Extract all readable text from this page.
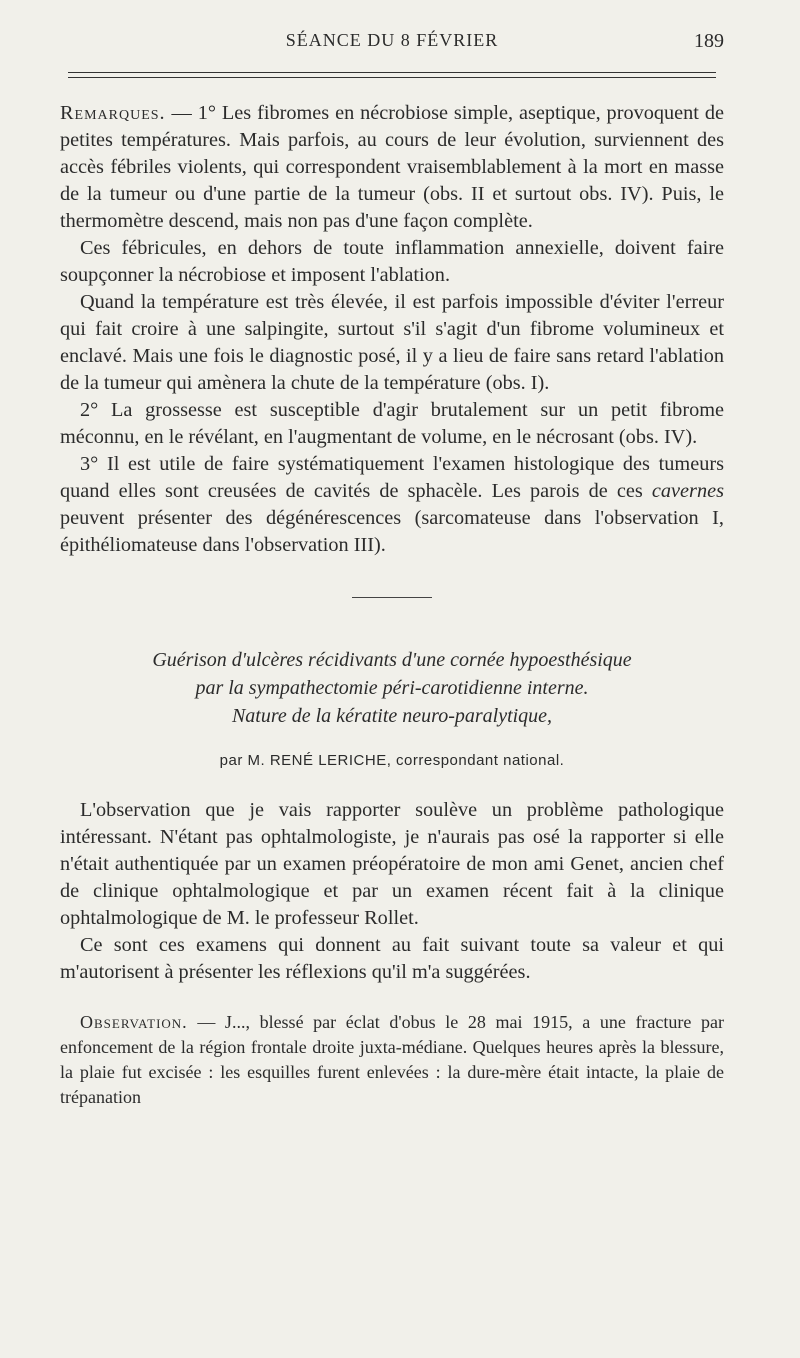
SÉANCE DU 8 FÉVRIER	189

Remarques. — 1° Les fibromes en nécrobiose simple, aseptique, provoquent de petites températures. Mais parfois, au cours de leur évolution, surviennent des accès fébriles violents, qui correspondent vraisemblablement à la mort en masse de la tumeur ou d'une partie de la tumeur (obs. II et surtout obs. IV). Puis, le thermomètre descend, mais non pas d'une façon complète.

Ces fébricules, en dehors de toute inflammation annexielle, doivent faire soupçonner la nécrobiose et imposent l'ablation.

Quand la température est très élevée, il est parfois impossible d'éviter l'erreur qui fait croire à une salpingite, surtout s'il s'agit d'un fibrome volumineux et enclavé. Mais une fois le diagnostic posé, il y a lieu de faire sans retard l'ablation de la tumeur qui amènera la chute de la température (obs. I).

2° La grossesse est susceptible d'agir brutalement sur un petit fibrome méconnu, en le révélant, en l'augmentant de volume, en le nécrosant (obs. IV).

3° Il est utile de faire systématiquement l'examen histologique des tumeurs quand elles sont creusées de cavités de sphacèle. Les parois de ces cavernes peuvent présenter des dégénérescences (sarcomateuse dans l'observation I, épithéliomateuse dans l'observation III).

Guérison d'ulcères récidivants d'une cornée hypoesthésique
par la sympathectomie péri-carotidienne interne.
Nature de la kératite neuro-paralytique,
par M. RENÉ LERICHE, correspondant national.

L'observation que je vais rapporter soulève un problème pathologique intéressant. N'étant pas ophtalmologiste, je n'aurais pas osé la rapporter si elle n'était authentiquée par un examen préopératoire de mon ami Genet, ancien chef de clinique ophtalmologique et par un examen récent fait à la clinique ophtalmologique de M. le professeur Rollet.

Ce sont ces examens qui donnent au fait suivant toute sa valeur et qui m'autorisent à présenter les réflexions qu'il m'a suggérées.

Observation. — J..., blessé par éclat d'obus le 28 mai 1915, a une fracture par enfoncement de la région frontale droite juxta-médiane. Quelques heures après la blessure, la plaie fut excisée : les esquilles furent enlevées : la dure-mère était intacte, la plaie de trépanation
